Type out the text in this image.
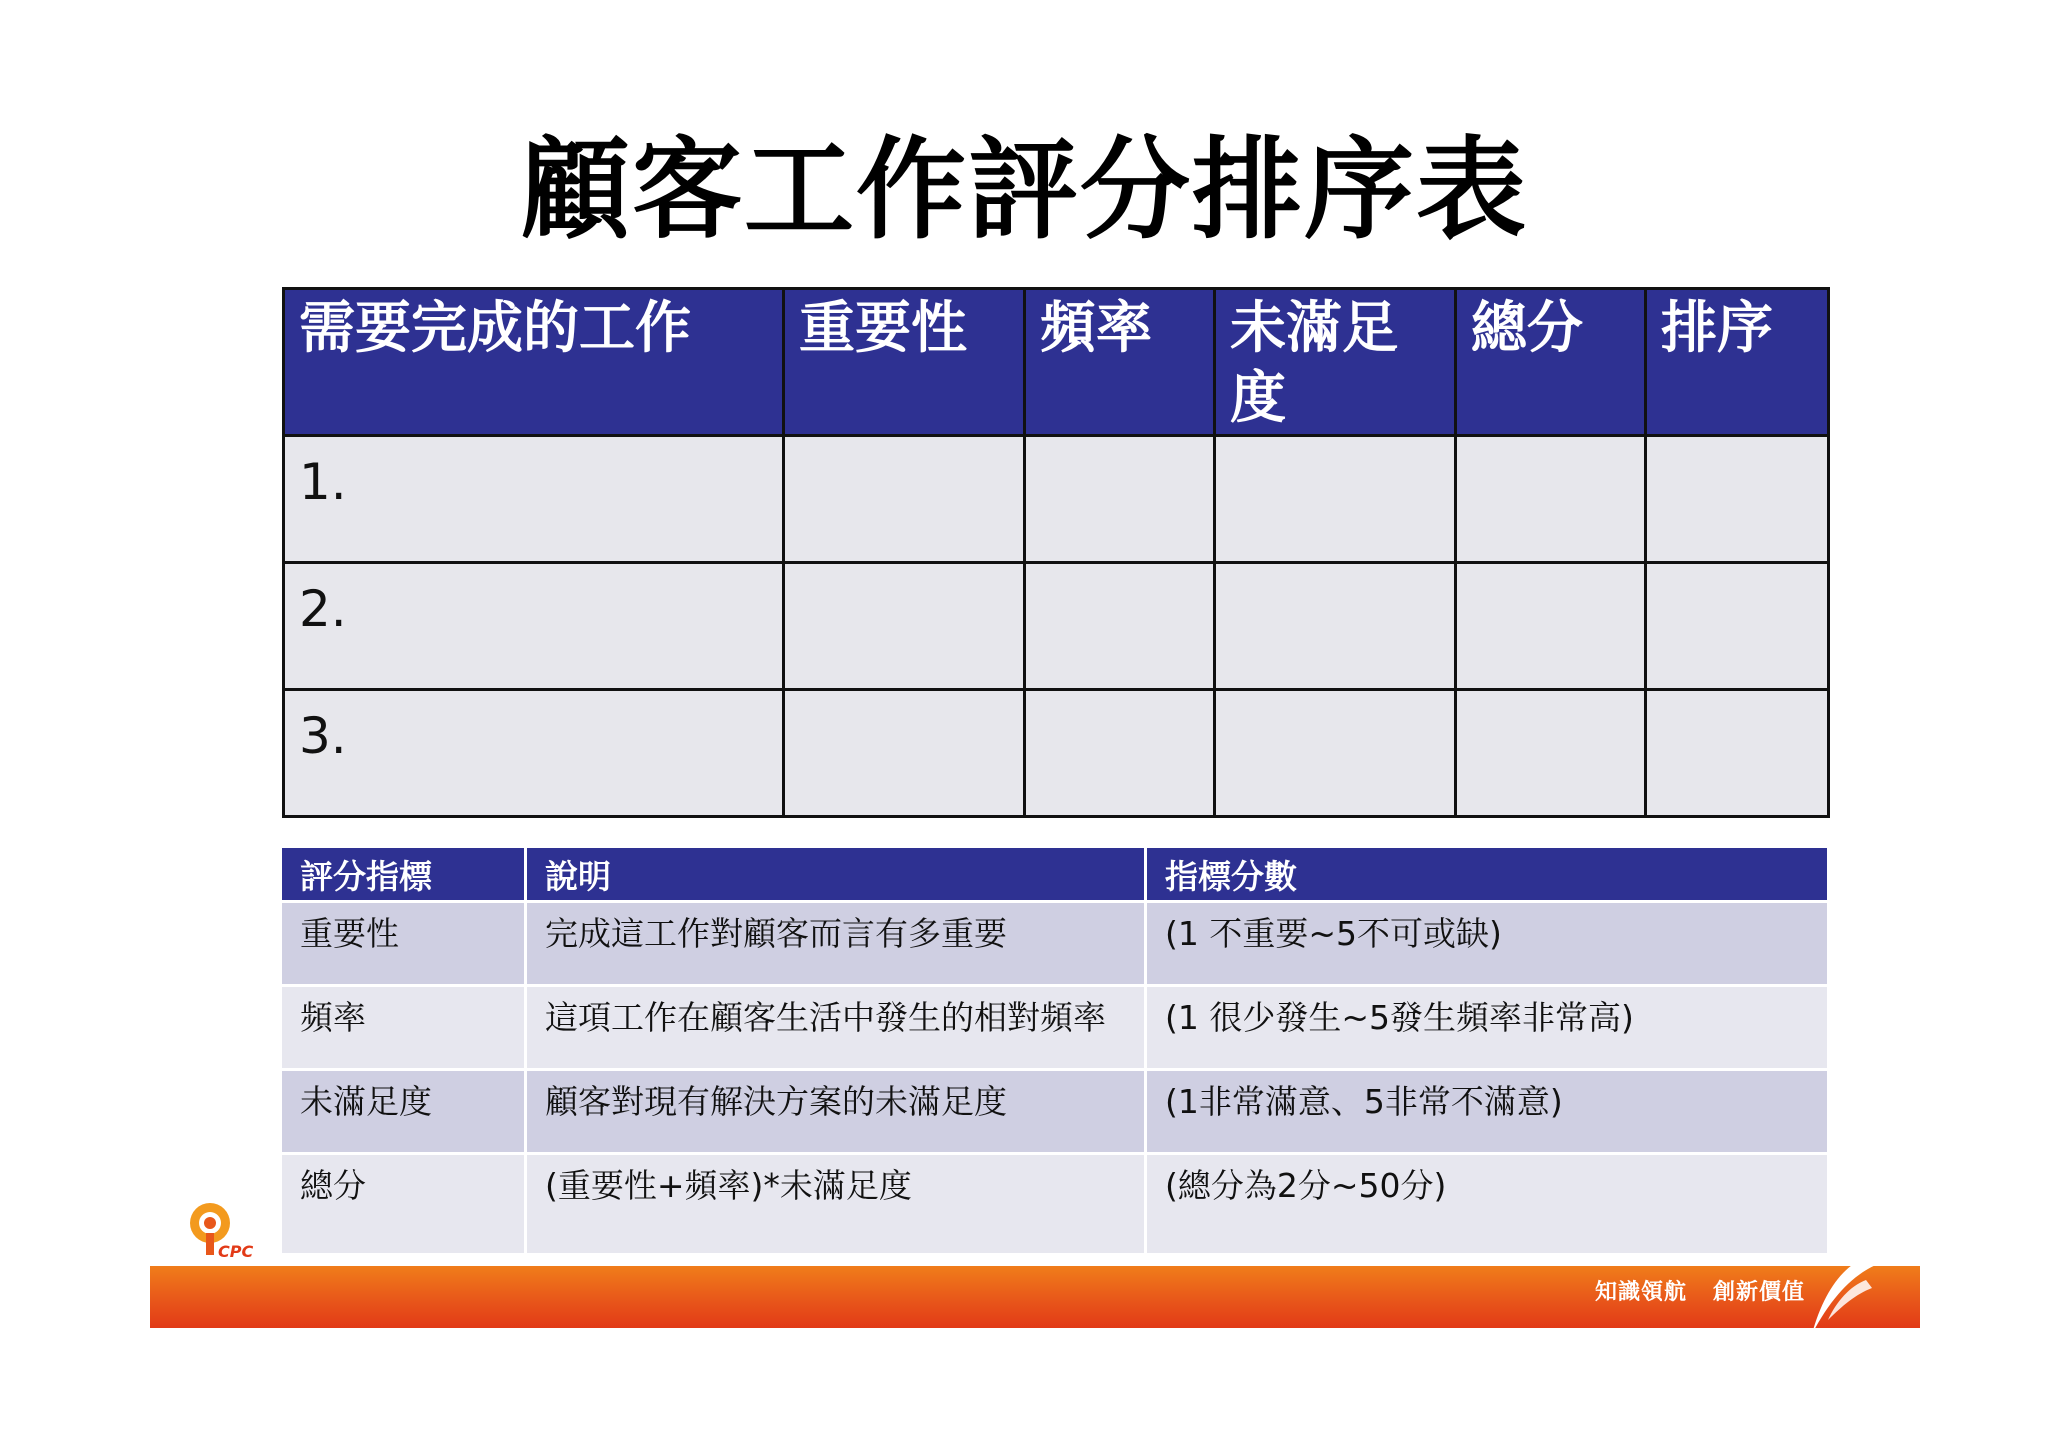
顧客工作評分排序表
需要完成的工作	重要性	頻率	未滿足度	總分	排序
1.					
2.					
3.					
評分指標	說明	指標分數
重要性	完成這工作對顧客而言有多重要	(1 不重要~5不可或缺)
頻率	這項工作在顧客生活中發生的相對頻率	(1 很少發生~5發生頻率非常高)
未滿足度	顧客對現有解決方案的未滿足度	(1非常滿意、5非常不滿意)
總分	(重要性+頻率)*未滿足度	(總分為2分~50分)
CPC
知識領航 創新價值
